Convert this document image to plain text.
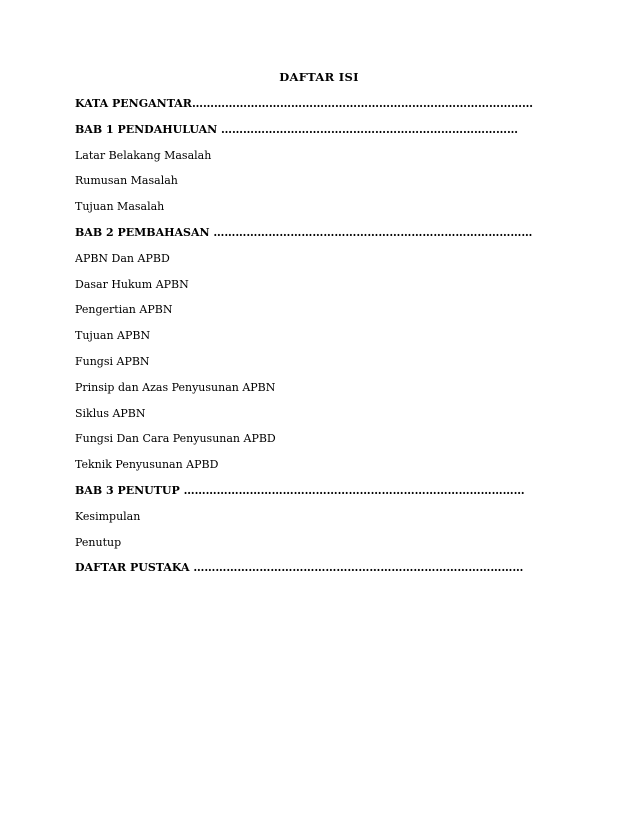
DAFTAR ISI
KATA PENGANTAR…………………………………………………………………………………
BAB 1 PENDAHULUAN ………………………………………………………………………
Latar Belakang Masalah
Rumusan Masalah
Tujuan Masalah
BAB 2 PEMBAHASAN ……………………………………………………………………………
APBN Dan APBD
Dasar Hukum APBN
Pengertian APBN
Tujuan APBN
Fungsi APBN
Prinsip dan Azas Penyusunan APBN
Siklus APBN
Fungsi Dan Cara Penyusunan APBD
Teknik Penyusunan APBD
BAB 3 PENUTUP …………………………………………………………………………………
Kesimpulan
Penutup
DAFTAR PUSTAKA ………………………………………………………………………………
